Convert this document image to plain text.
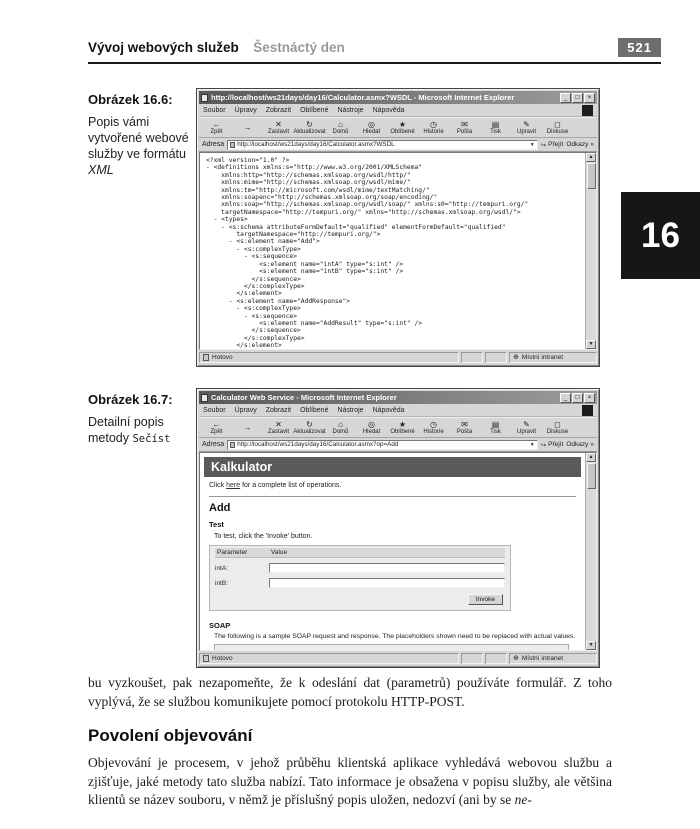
Vývoj webových služeb Šestnáctý den	521
16
Obrázek 16.6:
Popis vámi vytvořené webové služby ve formátu XML
http://localhost/ws21days/day16/Calculator.asmx?WSDL - Microsoft Internet Explorer	_	□	×
Soubor Úpravy Zobrazit Oblíbené Nástroje Nápověda
←
Zpět	→	✕
Zastavit
↻
Aktualizovat
⌂
Domů
◎
Hledat
★
Oblíbené
◷
Historie
✉
Pošta
▤
Tisk
✎
Upravit
◻
Diskuse
Adresa http://localhost/ws21days/day16/Calculator.asmx?WSDL	▼ ↪ Přejít Odkazy »
<?xml version="1.0" ?>
- <definitions xmlns:s="http://www.w3.org/2001/XMLSchema"
xmlns:http="http://schemas.xmlsoap.org/wsdl/http/"
xmlns:mime="http://schemas.xmlsoap.org/wsdl/mime/"
xmlns:tm="http://microsoft.com/wsdl/mime/textMatching/"
xmlns:soapenc="http://schemas.xmlsoap.org/soap/encoding/"
xmlns:soap="http://schemas.xmlsoap.org/wsdl/soap/" xmlns:s0="http://tempuri.org/"
targetNamespace="http://tempuri.org/" xmlns="http://schemas.xmlsoap.org/wsdl/">
- <types>
- <s:schema attributeFormDefault="qualified" elementFormDefault="qualified"
targetNamespace="http://tempuri.org/">
- <s:element name="Add">
- <s:complexType>
- <s:sequence>
<s:element name="intA" type="s:int" />
<s:element name="intB" type="s:int" />
</s:sequence>
</s:complexType>
</s:element>
- <s:element name="AddResponse">
- <s:complexType>
- <s:sequence>
<s:element name="AddResult" type="s:int" />
</s:sequence>
</s:complexType>
</s:element>
▲
▼
Hotovo	⊕ Místní intranet
Obrázek 16.7:
Detailní popis metody Sečíst
Calculator Web Service - Microsoft Internet Explorer	_	□	×
Soubor Úpravy Zobrazit Oblíbené Nástroje Nápověda
←
Zpět	→	✕
Zastavit
↻
Aktualizovat
⌂
Domů
◎
Hledat
★
Oblíbené
◷
Historie
✉
Pošta
▤
Tisk
✎
Upravit
◻
Diskuse
Adresa http://localhost/ws21days/day16/Calculator.asmx?op=Add	▼ ↪ Přejít Odkazy »
Kalkulator
Click here for a complete list of operations.
Add
Test
To test, click the 'Invoke' button.
Parameter	Value
intA:
intB:
Invoke
SOAP
The following is a sample SOAP request and response. The placeholders shown need to be replaced with actual values.
▲
▼
Hotovo	⊕ Místní intranet

bu vyzkoušet, pak nezapomeňte, že k odeslání dat (parametrů) používáte formulář. Z toho vyplývá, že se službou komunikujete pomocí protokolu HTTP-POST.

Povolení objevování

Objevování je procesem, v jehož průběhu klientská aplikace vyhledává webovou službu a zjišťuje, jaké metody tato služba nabízí. Tato informace je obsažena v popisu služby, ale většina klientů se název souboru, v němž je příslušný popis uložen, nedozví (ani by se ne-
